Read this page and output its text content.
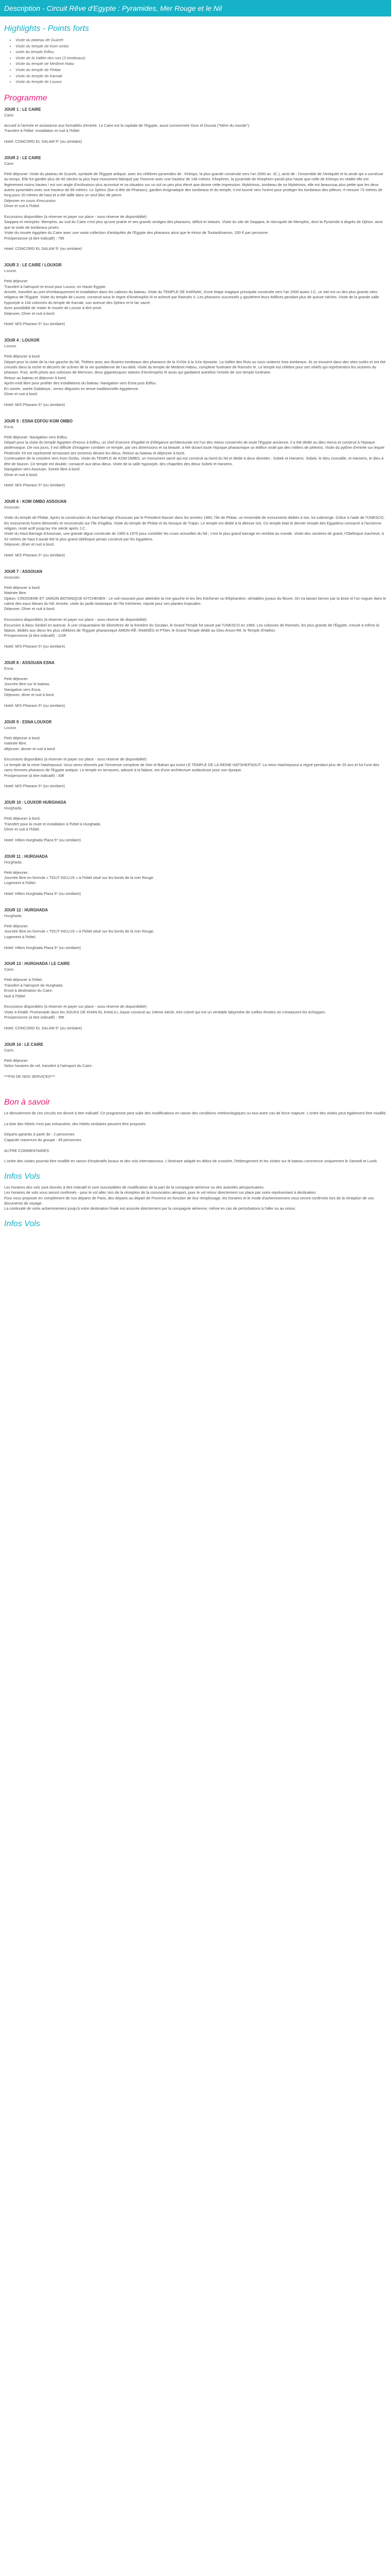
Description - Circuit Rêve d'Egypte : Pyramides, Mer Rouge et le Nil
Highlights - Points forts
• Visite du plateau de Guizeh
• Visite du temple de Kom ombo
• visite du temple Edfou
• Visite de la Vallée des rois (3 tombeaux)
• Visite du temple de Medinet Habu
• Visite du temple de Philae
• Visite du temple de Karnak
• Visite du temple de Louxor
Programme
JOUR 1 : LE CAIRE
Caire.

Accueil à l'arrivée et assistance aux formalités d'entrée. Le Caire est la capitale de l'Egypte, aussi surnommée Oum el Dounia ("Mère du monde").
Transfert à l'hôtel. Installation et nuit à l'hôtel.

Hotel: CONCORD EL SALAM 5* (ou similaire)

JOUR 2 : LE CAIRE
Caire.

Petit déjeuner. Visite du plateau de Guizeh, symbole de l'Egypte antique, avec les célèbres pyramides de : Khéops, la plus grande construite vers l'an 2650 av. JC.), ainsi de : l'ensemble de l'Antiquité et la seule qui a survécue au temps. Elle fut gardée plus de 40 siècles la plus haut monument fabriqué par l'homme avec une hauteur de 146 mètres. Khephren, la pyramide de Khephren paraît plus haute que celle de Khéops en réalité elle est légèrement moins hautes ! est son angle d'inclinaison plus accentué et sa situation sur un sol un peu plus élevé que donne cette impression. Mykérinos, tombeau de roi Mykérinos, elle est beaucoup plus petite que les deux autres pyramides avec une hauteur de 66 mètres. Le Sphinx (lion à tête de Pharaon), gardien énigmatique des tombeaux et du temple, il est tourné vers l'orient pour protéger les tombeaux des pilleurs. Il mesure 73 mètres de long pour 20 mètres de haut et a été taillé dans un seul bloc de pierre.
Déjeuner en cours d'excursion.
Dîner et nuit à l'hôtel.

Excursions disponibles (à réserver et payer sur place - sous réserve de disponibilité)
Saqqara et memphis: Memphis, au sud du Caire n'est plus qu'une prairie et ses grands vestiges des pharaons, déficit et statues. Visite du site de Saqqara, le nécropole de Memphis, dont la Pyramide à degrés de Djéser, ainsi que la visite de tombeaux privés.
Visite du musée égyptien du Caire avec une vaste collection d'antiquités de l'Egypte des pharaons ainsi que le trésor de Toutankhamon. 200 € par personne.
Prix/personne (à titre indicatif) : 75€

Hotel: CONCORD EL SALAM 5* (ou similaire)

JOUR 3 : LE CAIRE / LOUXOR
Louxor.

Petit déjeuner
Transfert à l'aéroport et envol pour Louxor, en Haute Egypte.
Arrivée, transfert au port d'embarquement et installation dans les cabines du bateau. Visite du TEMPLE DE KARNAK, d'une étape magique principale construite vers l'an 2000 avant J.C, ce site est un des plus grands sites religieux de l'Egypte. Visite du temple de Louxor, construit sous le règne d'Aménophis III et achevé par Ramsès II. Les pharaons successifs y ajoutèrent leurs édifices pendant plus de quinze siècles. Visite de la grande salle hypostyle à 134 colonnes du temple de Karnak, son avenue des Sphinx et le lac sacré.
Avec possibilité de visiter le musée de Louxor à titre privé.
Déjeuner, Dîner et nuit à bord.

Hotel: M/S Pharaon 5* (ou similaire)

JOUR 4 : LOUXOR
Louxor.

Petit déjeuner à bord.
Départ pour la visite de la rive gauche du Nil, Thèbes avec ses illustres tombeaux des pharaons de la XVIIIe à la XXe dynastie. La Vallée des Rois ou vous visiterez trois tombeaux. Ils se trouvent dans des sites isolés et ont été creusés dans la roche et décorés de scènes de la vie quotidienne de l'au-delà. Visite du temple de Medinet Habou, complexe funéraire de Ramsès III. Le temple est célèbre pour ses reliefs qui représentent les victoires du pharaon. Puis, arrêt photo aux colosses de Memnon, deux gigantesques statues d'Aménophis III assis qui gardaient autrefois l'entrée de son temple funéraire.
Retour au bateau et déjeuner à bord.
Après-midi libre pour profiter des installations du bateau. Navigation vers Esna puis Edfou.
En soirée, soirée Galabeya ; venez déguisés en tenue traditionnelle égyptienne.
Dîner et nuit à bord.

Hotel: M/S Pharaon 5* (ou similaire)

JOUR 5 : ESNA EDFOU KOM OMBO
Esna.

Petit déjeuner. Navigation vers Edfou.
Départ pour la visite du temple égyptien d'Horus à Edfou, un chef d'oeuvre d'égalité et d'élégance architecturale est l'un des mieux conservés de toute l'Egypte ancienne, il a été dédié au dieu Horus et construit à l'époque ptolémaïque. De nos jours, il est difficile d'imaginer combien ce temple, par ses dimensions et sa beauté, a été durant toute l'époque pharaonique un édifice visité par des milliers de pèlerins. Visite du pylône d'entrée sur lequel Ptolémée XII est représenté terrassant ses ennemis devant les dieux. Retour au bateau et déjeuner à bord.
Continuation de la croisière vers Kom Ombo. Visite du TEMPLE de KOM OMBO, un monument sacré qui est construit au bord du Nil et dédié à deux divinités : Sobek et Haroeris. Sobek, le dieu crocodile, et Haroeris, le dieu à tête de faucon. Ce temple est double, consacré aux deux dieux. Visite de la salle hypostyle, des chapelles des dieux Sobek et Haroeris.
Navigation vers Assouan. Soirée libre à bord.
Dîner et nuit à bord.

Hotel: M/S Pharaon 5* (ou similaire)

JOUR 6 : KOM OMBO ASSOUAN
Assouan.

Visite du temple de Philae. Après la construction du haut Barrage d'Assouan par le Président Nasser dans les années 1960, l'île de Philae, un ensemble de monuments dédiés à Isis, fut submergé. Grâce à l'aide de l'UNESCO, les monuments furent démontés et reconstruits sur l'île d'Agilkia. Visite du temple de Philae et du kiosque de Trajan. Le temple est dédié à la déesse Isis. Ce temple était le dernier temple des Egyptiens consacré à l'ancienne religion, resté actif jusqu'au VIe siècle après J.C.
Visite du Haut Barrage d'Assouan, une grande digue construite de 1960 à 1970 pour contrôler les crues annuelles du Nil ; c'est le plus grand barrage en remblai au monde. Visite des carrières de granit, l'Obélisque inachevé, à 42 mètres de haut il aurait été le plus grand obélisque jamais construit par les égyptiens.
Déjeuner, dîner et nuit à bord.

Hotel: M/S Pharaon 5* (ou similaire)

JOUR 7 : ASSOUAN
Assouan.

Petit déjeuner à bord.
Matinée libre.
Option: CROISIERE ET JARDIN BOTANIQUE KITCHENER : Le voil mouvant pour atteindre la rive gauche et les îles Kitchener ou Eléphantine, véritables joyaux du fleuve. On ira laisser bercer par la brise et l'on voguer dans le calme des eaux bleues du Nil. Arrivée, visite du jardin botanique de l'île Kitchener, réputé pour ses plantes tropicales.
Déjeuner, Dîner et nuit à bord.

Excursions disponibles (à réserver et payer sur place - sous réserve de disponibilité)
Excursion à Abou Simbel en autocar. À une cinquantaine de kilomètres de la frontière du Soudan, le Grand Temple fut sauvé par l'UNESCO en 1969. Les colosses de Ramsès, les plus grands de l'Égypte, creusé à même la falaise, dédiés aux dieux les plus célèbres de l'Egypte pharaonique AMON-RÊ, RAMSÈS et PTAH, le Grand Temple dédié au Dieu Amon-Rê, le Temple d'Hathor.
Prix/personne (à titre indicatif) : 110€

Hotel: M/S Pharaon 5* (ou similaire)

JOUR 8 : ASSOUAN ESNA
Esna.

Petit déjeuner.
Journée libre sur le bateau.
Navigation vers Esna.
Déjeuner, dîner et nuit à bord.

Hotel: M/S Pharaon 5* (ou similaire)

JOUR 9 : ESNA LOUXOR
Louxor.

Petit déjeuner à bord.
matinée libre.
déjeuner, dinner et nuit à bord

Excursions disponibles (à réserver et payer sur place - sous réserve de disponibilité)
Le temple de la reine hatshepsout: Vous serez étonnés par l'immense complexe de Deir el-Bahari qui inclut LE TEMPLE DE LA REINE HATSHEPSOUT. La reine Hatchepsout a régné pendant plus de 20 ans et fut l'une des rares femmes pharaons de l'Egypte antique. Le temple en terrasses, adossé à la falaise, est d'une architecture audacieuse pour son époque.
Prix/personne (à titre indicatif) : 30€

Hotel: M/S Pharaon 5* (ou similaire)

JOUR 10 : LOUXOR HURGHADA
Hurghada.

Petit déjeuner à bord.
Transfert pour la route et installation à l'hôtel à Hurghada.
Dîner et nuit à l'hôtel.

Hotel: Hilton Hurghada Plaza 5* (ou similaire)

JOUR 11 : HURGHADA
Hurghada.

Petit déjeuner.
Journée libre en formule « TOUT INCLUS » à l'hôtel situé sur les bords de la mer Rouge.
Logement à l'hôtel.

Hotel: Hilton Hurghada Plaza 5* (ou similaire)

JOUR 12 : HURGHADA
Hurghada.

Petit déjeuner.
Journée libre en formule « TOUT INCLUS » à l'hôtel situé sur les bords de la mer Rouge.
Logement à l'hôtel.

Hotel: Hilton Hurghada Plaza 5* (ou similaire)

JOUR 13 : HURGHADA / LE CAIRE
Caire.

Petit déjeuner à l'hôtel.
Transfert à l'aéroport de Hurghada.
Envol à destination du Caire.
Nuit à l'hôtel.

Excursions disponibles (à réserver et payer sur place - sous réserve de disponibilité)
Visite à Khalili: Promenade dans les SOUKS DE KHAN EL KHALILI, bazar construit au 14ème siècle, très coloré qui est un véritable labyrinthe de ruelles étroites où s'entassent les échoppes.
Prix/personne (à titre indicatif) : 35€

Hotel: CONCORD EL SALAM 5* (ou similaire)

JOUR 14 : LE CAIRE
Caire.

Petit déjeuner
Selon horaires de vol, transfert à l'aéroport du Caire.

***FIN DE NOS SERVICES***

Bon à savoir

Le déroulement de ces circuits est donné à titre indicatif. Ce programme peut subir des modifications en raison des conditions météorologiques ou tout autre cas de force majeure. L'ordre des visites peut également être modifié.

La liste des hôtels n'est pas exhaustive, des hôtels similaires peuvent être proposés

Départs garantis à partir de : 2 personnes
Capacité maximum du groupe : 49 personnes

AUTRE COMMENTAIRES

L'ordre des visites pourrait être modifié en raison d'impératifs locaux et des vols internationaux. L'itinéraire adapté en début de croisière, l'hébergement et les visites sur le bateau commence uniquement le Samedi et Lundi.

Infos Vols

Les horaires des vols sont donnés à titre indicatif et sont susceptibles de modification de la part de la compagnie aérienne ou des autorités aéroportuaires.
Les horaires de vols vous seront confirmés - pour le vol aller, lors de la réception de la convocation aéroport, pour le vol retour directement sur place par notre représentant à destination.
Pour vous proposer en complément de nos départs de Paris, des départs au départ de Province en fonction de leur remplissage, les horaires et le mode d'acheminement vous seront confirmés lors de la réception de vos documents de voyage.
La continuité de votre acheminement jusqu'à votre destination finale est assurée directement par la compagnie aérienne, même en cas de perturbations à l'aller ou au retour.

Infos Vols
